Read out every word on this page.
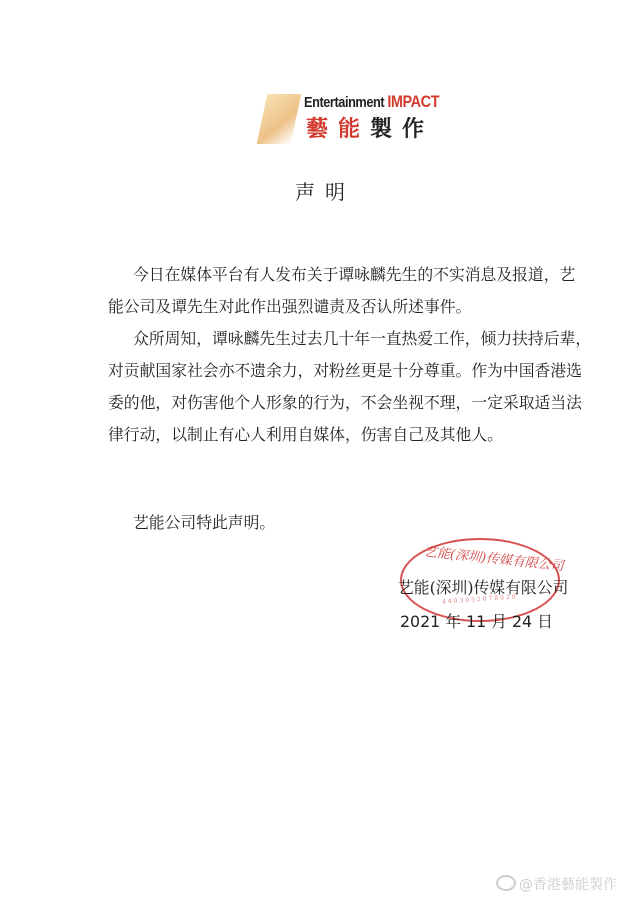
Entertainment IMPACT
藝能製作
声明
今日在媒体平台有人发布关于谭咏麟先生的不实消息及报道，艺
能公司及谭先生对此作出强烈谴责及否认所述事件。
众所周知，谭咏麟先生过去几十年一直热爱工作，倾力扶持后辈，
对贡献国家社会亦不遗余力，对粉丝更是十分尊重。作为中国香港选
委的他，对伤害他个人形象的行为，不会坐视不理，一定采取适当法
律行动，以制止有心人利用自媒体，伤害自己及其他人。
艺能公司特此声明。
艺能(深圳)传媒有限公司
4403052078020
艺能(深圳)传媒有限公司
2021 年 11 月 24 日
@香港藝能製作
